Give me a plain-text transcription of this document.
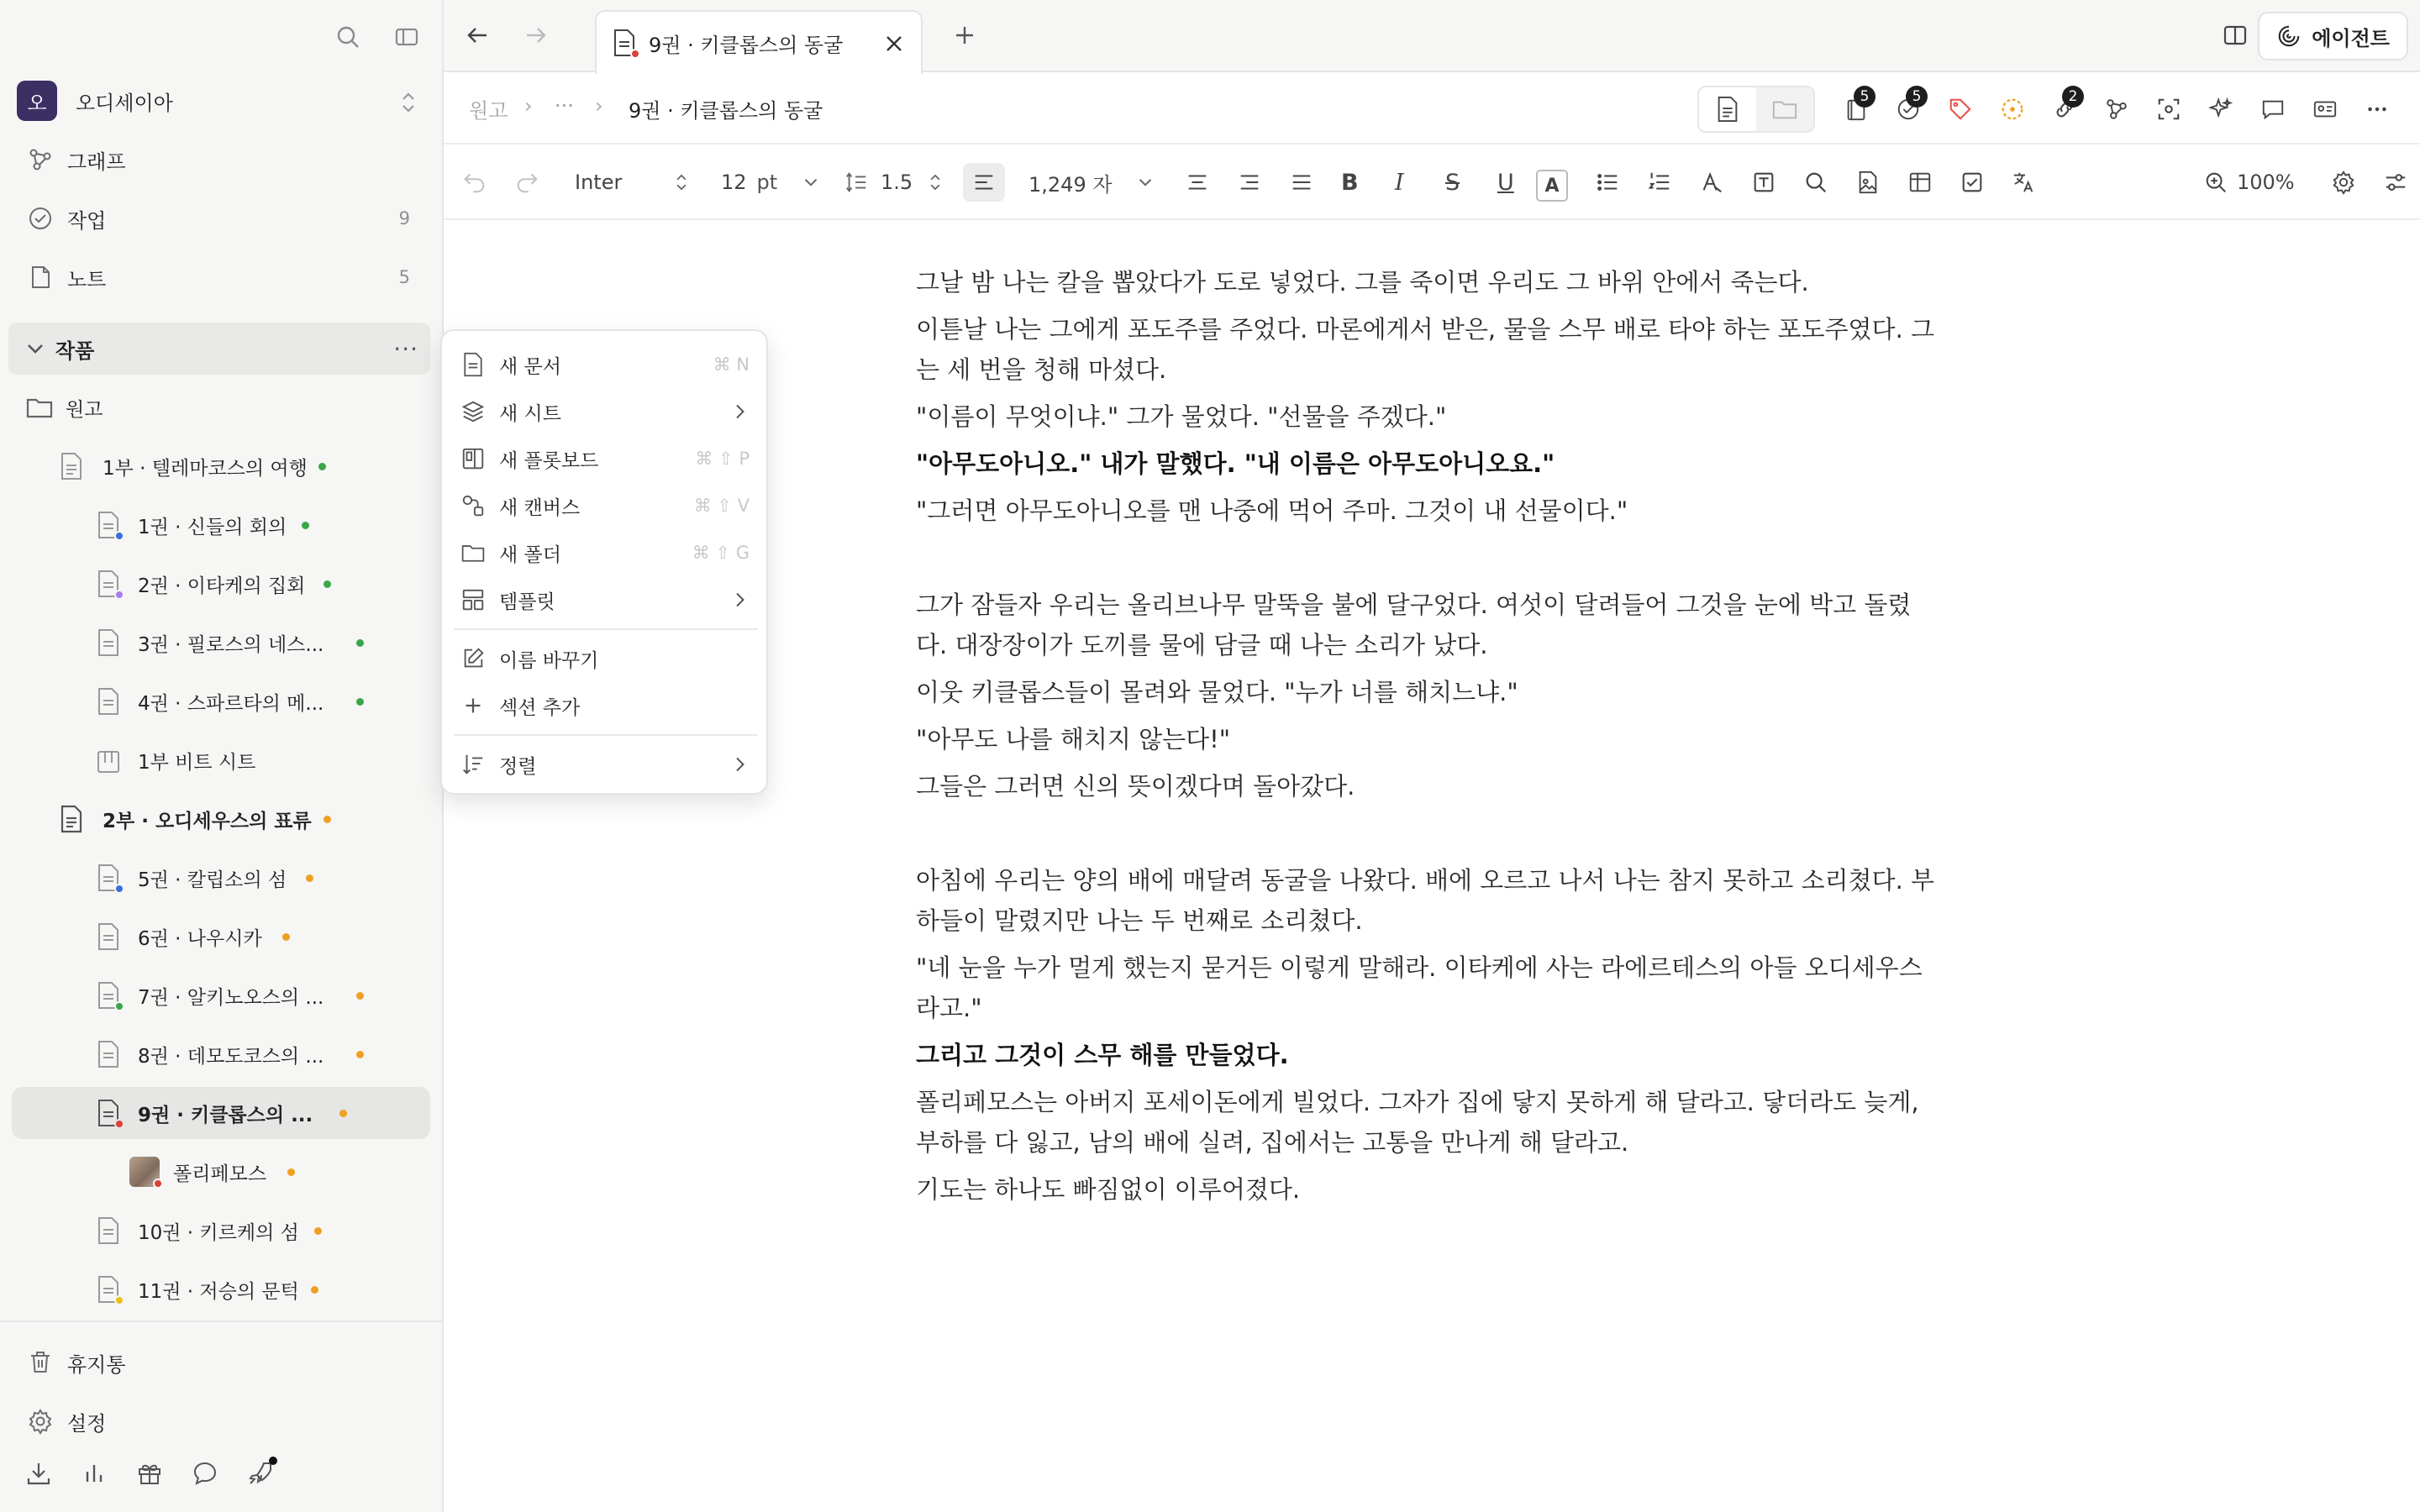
오	오디세이아
그래프
작업	9
노트	5
작품	···
원고
1부 · 텔레마코스의 여행
1권 · 신들의 회의
2권 · 이타케의 집회
3권 · 필로스의 네스...
4권 · 스파르타의 메...
1부 비트 시트
2부 · 오디세우스의 표류
5권 · 칼립소의 섬
6권 · 나우시카
7권 · 알키노오스의 ...
8권 · 데모도코스의 ...
9권 · 키클롭스의 ...
폴리페모스
10권 · 키르케의 섬
11권 · 저승의 문턱
휴지통
설정
9권 · 키클롭스의 동굴	에이전트
원고 › ··· › 9권 · 키클롭스의 동굴
5	5	2
Inter	12 pt	1.5	1,249 자	B I S U	A	100%
그날 밤 나는 칼을 뽑았다가 도로 넣었다. 그를 죽이면 우리도 그 바위 안에서 죽는다.
이튿날 나는 그에게 포도주를 주었다. 마론에게서 받은, 물을 스무 배로 타야 하는 포도주였다. 그는 세 번을 청해 마셨다.
"이름이 무엇이냐." 그가 물었다. "선물을 주겠다."
"아무도아니오." 내가 말했다. "내 이름은 아무도아니오요."
"그러면 아무도아니오를 맨 나중에 먹어 주마. 그것이 내 선물이다."
그가 잠들자 우리는 올리브나무 말뚝을 불에 달구었다. 여섯이 달려들어 그것을 눈에 박고 돌렸다. 대장장이가 도끼를 물에 담글 때 나는 소리가 났다.
이웃 키클롭스들이 몰려와 물었다. "누가 너를 해치느냐."
"아무도 나를 해치지 않는다!"
그들은 그러면 신의 뜻이겠다며 돌아갔다.
아침에 우리는 양의 배에 매달려 동굴을 나왔다. 배에 오르고 나서 나는 참지 못하고 소리쳤다. 부하들이 말렸지만 나는 두 번째로 소리쳤다.
"네 눈을 누가 멀게 했는지 묻거든 이렇게 말해라. 이타케에 사는 라에르테스의 아들 오디세우스라고."
그리고 그것이 스무 해를 만들었다.
폴리페모스는 아버지 포세이돈에게 빌었다. 그자가 집에 닿지 못하게 해 달라고. 닿더라도 늦게, 부하를 다 잃고, 남의 배에 실려, 집에서는 고통을 만나게 해 달라고.
기도는 하나도 빠짐없이 이루어졌다.
새 문서	⌘ N
새 시트
새 플롯보드	⌘ ⇧ P
새 캔버스	⌘ ⇧ V
새 폴더	⌘ ⇧ G
템플릿
이름 바꾸기
섹션 추가
정렬
